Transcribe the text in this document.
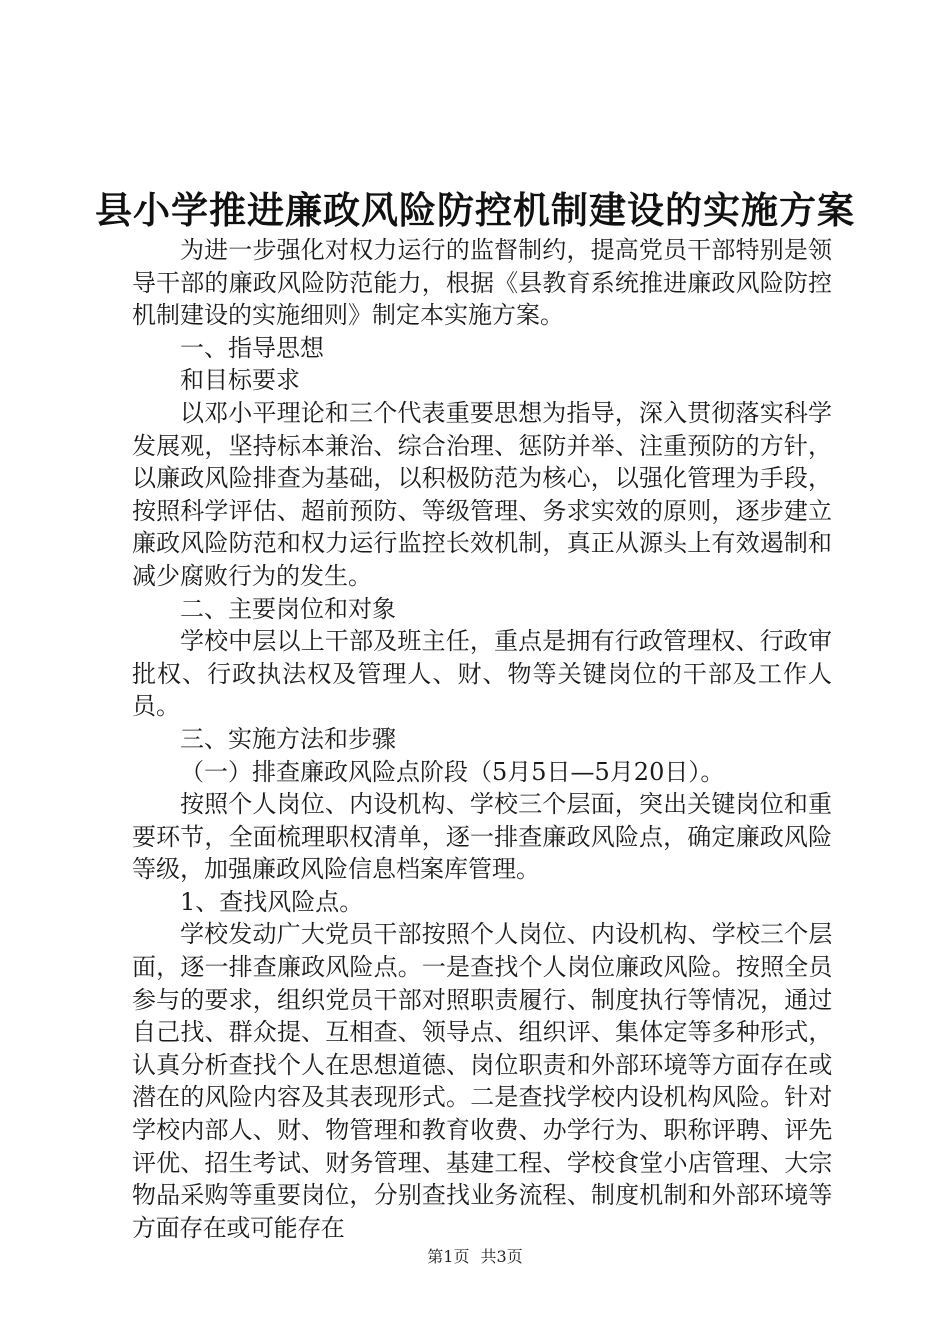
县小学推进廉政风险防控机制建设的实施方案

为进一步强化对权力运行的监督制约，提高党员干部特别是领导干部的廉政风险防范能力，根据《县教育系统推进廉政风险防控机制建设的实施细则》制定本实施方案。

一、指导思想

和目标要求

以邓小平理论和三个代表重要思想为指导，深入贯彻落实科学发展观，坚持标本兼治、综合治理、惩防并举、注重预防的方针，以廉政风险排查为基础，以积极防范为核心，以强化管理为手段，按照科学评估、超前预防、等级管理、务求实效的原则，逐步建立廉政风险防范和权力运行监控长效机制，真正从源头上有效遏制和减少腐败行为的发生。

二、主要岗位和对象

学校中层以上干部及班主任，重点是拥有行政管理权、行政审批权、行政执法权及管理人、财、物等关键岗位的干部及工作人员。

三、实施方法和步骤

（一）排查廉政风险点阶段（5月5日—5月20日）。

按照个人岗位、内设机构、学校三个层面，突出关键岗位和重要环节，全面梳理职权清单，逐一排查廉政风险点，确定廉政风险等级，加强廉政风险信息档案库管理。

1、查找风险点。

学校发动广大党员干部按照个人岗位、内设机构、学校三个层面，逐一排查廉政风险点。一是查找个人岗位廉政风险。按照全员参与的要求，组织党员干部对照职责履行、制度执行等情况，通过自己找、群众提、互相查、领导点、组织评、集体定等多种形式，认真分析查找个人在思想道德、岗位职责和外部环境等方面存在或潜在的风险内容及其表现形式。二是查找学校内设机构风险。针对学校内部人、财、物管理和教育收费、办学行为、职称评聘、评先评优、招生考试、财务管理、基建工程、学校食堂小店管理、大宗物品采购等重要岗位，分别查找业务流程、制度机制和外部环境等方面存在或可能存在

第1页 共3页
